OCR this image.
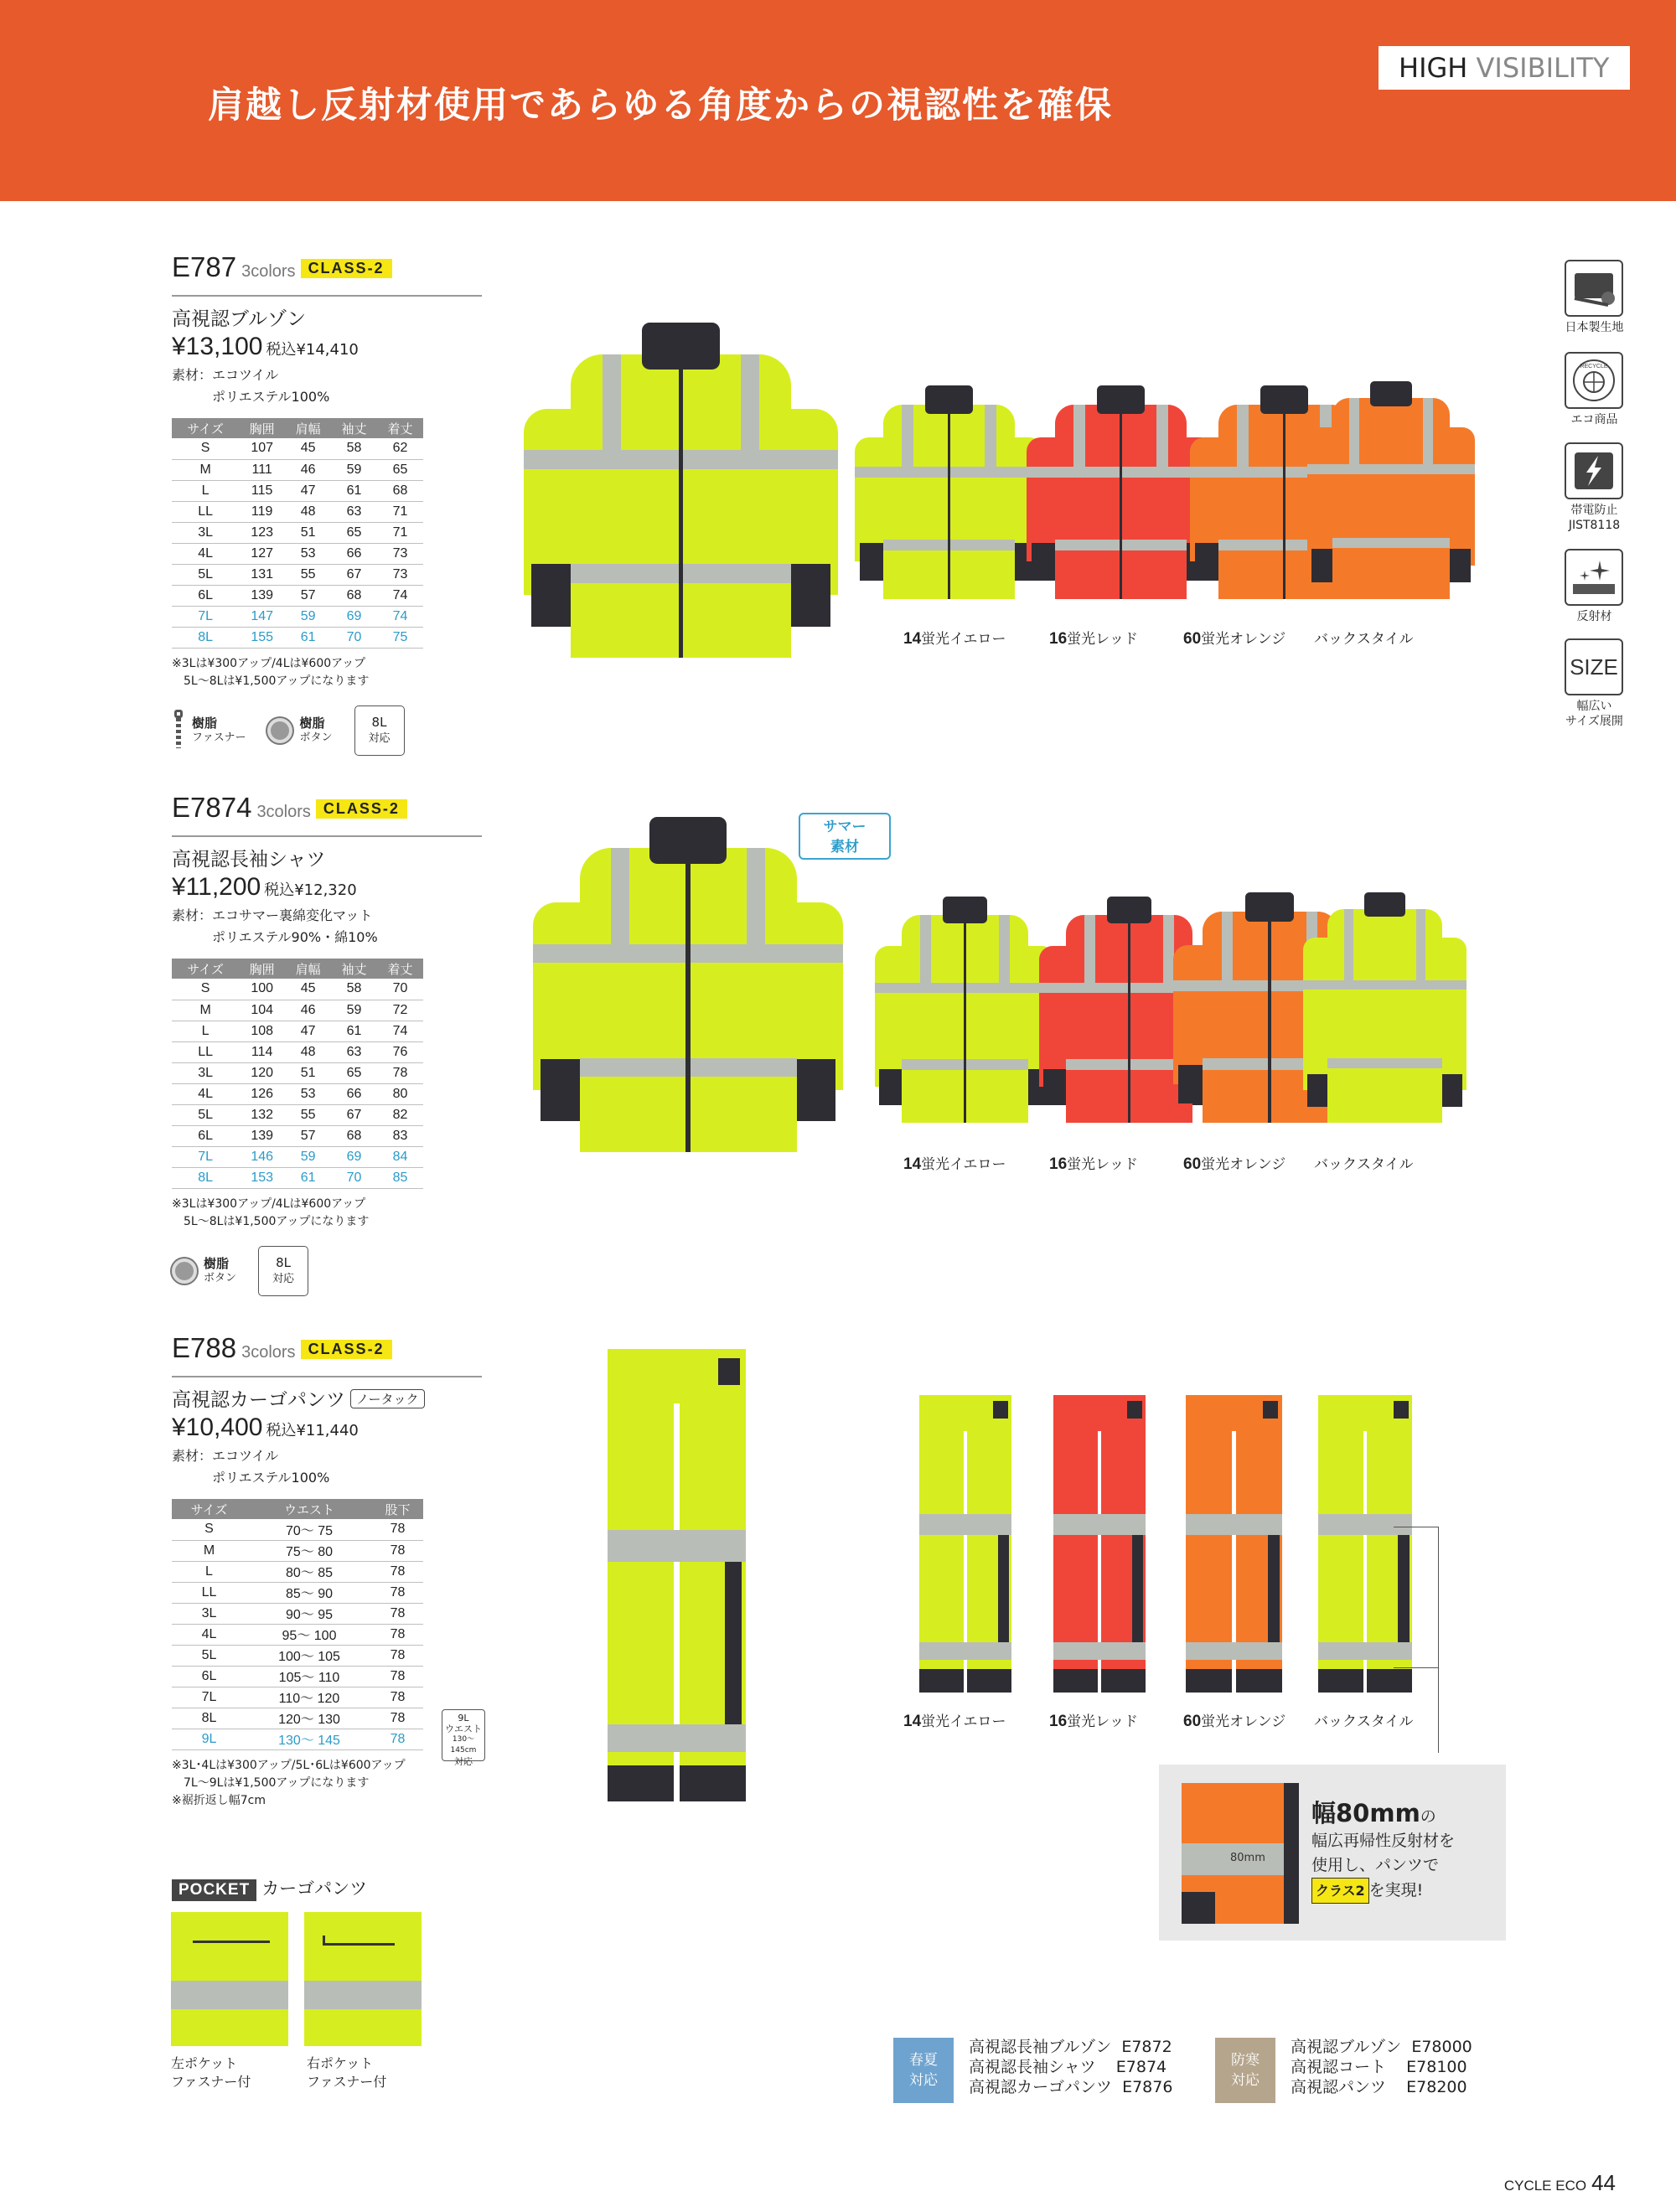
肩越し反射材使用であらゆる角度からの視認性を確保
HIGH VISIBILITY
E787 3colors CLASS-2
高視認ブルゾン
¥13,100 税込¥14,410
素材：エコツイル
ポリエステル100%
サイズ	胸囲	肩幅	袖丈	着丈
S	107	45	58	62
M	111	46	59	65
L	115	47	61	68
LL	119	48	63	71
3L	123	51	65	71
4L	127	53	66	73
5L	131	55	67	73
6L	139	57	68	74
7L	147	59	69	74
8L	155	61	70	75
※3Lは¥300アップ/4Lは¥600アップ
5L～8Lは¥1,500アップになります
樹脂
ファスナー
樹脂
ボタン
8L
対応
E7874 3colors CLASS-2
高視認長袖シャツ
¥11,200 税込¥12,320
素材：エコサマー裏綿変化マット
ポリエステル90%・綿10%
サイズ	胸囲	肩幅	袖丈	着丈
S	100	45	58	70
M	104	46	59	72
L	108	47	61	74
LL	114	48	63	76
3L	120	51	65	78
4L	126	53	66	80
5L	132	55	67	82
6L	139	57	68	83
7L	146	59	69	84
8L	153	61	70	85
※3Lは¥300アップ/4Lは¥600アップ
5L～8Lは¥1,500アップになります
樹脂
ボタン
8L
対応
E788 3colors CLASS-2
高視認カーゴパンツ ノータック
¥10,400 税込¥11,440
素材：エコツイル
ポリエステル100%
サイズ	ウエスト	股下
S	70～ 75	78
M	75～ 80	78
L	80～ 85	78
LL	85～ 90	78
3L	90～ 95	78
4L	95～ 100	78
5L	100～ 105	78
6L	105～ 110	78
7L	110～ 120	78
8L	120～ 130	78
9L	130～ 145	78
※3L･4Lは¥300アップ/5L･6Lは¥600アップ
7L～9Lは¥1,500アップになります
※裾折返し幅7cm
9L
ウエスト
130～145cm
対応
サマー
素材
14蛍光イエロー	16蛍光レッド	60蛍光オレンジ バックスタイル
14蛍光イエロー	16蛍光レッド	60蛍光オレンジ バックスタイル
14蛍光イエロー	16蛍光レッド	60蛍光オレンジ バックスタイル
日本製生地
RECYCLE
エコ商品
帯電防止
JIST8118
反射材
SIZE
幅広い
サイズ展開
80mm
幅80mmの
幅広再帰性反射材を
使用し、パンツで
クラス2 を実現!
POCKET カーゴパンツ
左ポケット
ファスナー付
右ポケット
ファスナー付
春夏
対応
高視認長袖ブルゾン  E7872
高視認長袖シャツ    E7874
高視認カーゴパンツ  E7876
防寒
対応
高視認ブルゾン  E78000
高視認コート    E78100
高視認パンツ    E78200
CYCLE ECO 44
